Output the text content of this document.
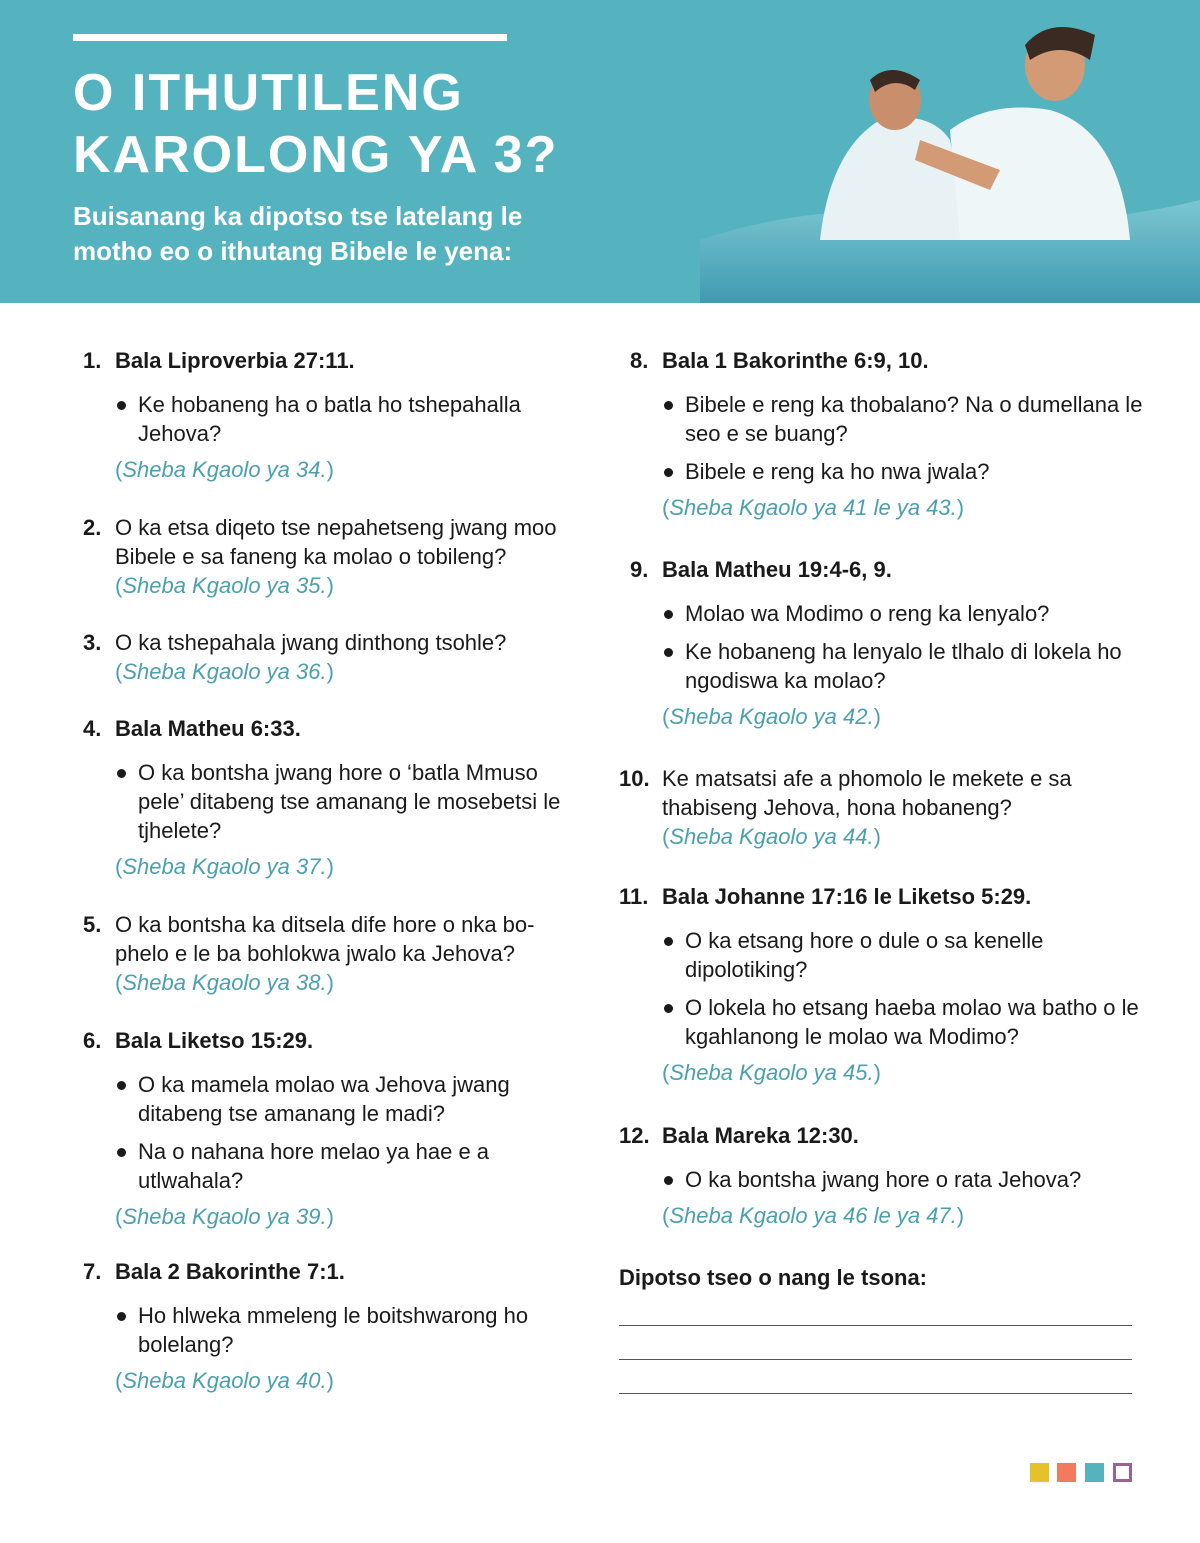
O ITHUTILENG
KAROLONG YA 3?
Buisanang ka dipotso tse latelang le
motho eo o ithutang Bibele le yena:
1. Bala Liproverbia 27:11.
Ke hobaneng ha o batla ho tshepahalla Jehova?
(Sheba Kgaolo ya 34.)
2. O ka etsa diqeto tse nepahetseng jwang moo Bibele e sa faneng ka molao o tobileng?
(Sheba Kgaolo ya 35.)
3. O ka tshepahala jwang dinthong tsohle?
(Sheba Kgaolo ya 36.)
4. Bala Matheu 6:33.
O ka bontsha jwang hore o ‘batla Mmuso pele’ ditabeng tse amanang le mosebetsi le tjhelete?
(Sheba Kgaolo ya 37.)
5. O ka bontsha ka ditsela dife hore o nka bo-phelo e le ba bohlokwa jwalo ka Jehova?
(Sheba Kgaolo ya 38.)
6. Bala Liketso 15:29.
O ka mamela molao wa Jehova jwang ditabeng tse amanang le madi?
Na o nahana hore melao ya hae e a utlwahala?
(Sheba Kgaolo ya 39.)
7. Bala 2 Bakorinthe 7:1.
Ho hlweka mmeleng le boitshwarong ho bolelang?
(Sheba Kgaolo ya 40.)
8. Bala 1 Bakorinthe 6:9, 10.
Bibele e reng ka thobalano? Na o dumellana le seo e se buang?
Bibele e reng ka ho nwa jwala?
(Sheba Kgaolo ya 41 le ya 43.)
9. Bala Matheu 19:4-6, 9.
Molao wa Modimo o reng ka lenyalo?
Ke hobaneng ha lenyalo le tlhalo di lokela ho ngodiswa ka molao?
(Sheba Kgaolo ya 42.)
10. Ke matsatsi afe a phomolo le mekete e sa thabiseng Jehova, hona hobaneng?
(Sheba Kgaolo ya 44.)
11. Bala Johanne 17:16 le Liketso 5:29.
O ka etsang hore o dule o sa kenelle dipolotiking?
O lokela ho etsang haeba molao wa batho o le kgahlanong le molao wa Modimo?
(Sheba Kgaolo ya 45.)
12. Bala Mareka 12:30.
O ka bontsha jwang hore o rata Jehova?
(Sheba Kgaolo ya 46 le ya 47.)
Dipotso tseo o nang le tsona:
